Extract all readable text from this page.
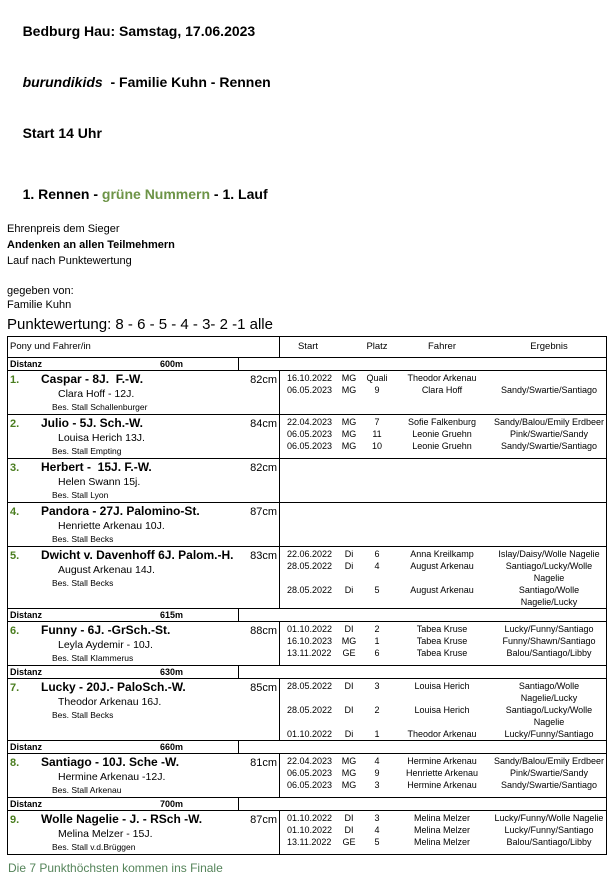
Bedburg Hau: Samstag, 17.06.2023

burundikids  - Familie Kuhn - Rennen

Start 14 Uhr

1. Rennen - grüne Nummern - 1. Lauf

Ehrenpreis dem Sieger
Andenken an allen Teilmehmern
Lauf nach Punktewertung
gegeben von:
Familie Kuhn
Punktewertung: 8 - 6 - 5 - 4 - 3- 2 -1 alle
Pony und Fahrer/in	Start	Platz	Fahrer	Ergebnis
Distanz	600m
1.	Caspar - 8J.  F.-W.	82cm
Clara Hoff - 12J.
Bes. Stall Schallenburger
16.10.2022	MG	Quali	Theodor Arkenau
06.05.2023	MG	9	Clara Hoff	Sandy/Swartie/Santiago
2.	Julio - 5J. Sch.-W.	84cm
Louisa Herich 13J.
Bes. Stall Empting
22.04.2023	MG	7	Sofie Falkenburg	Sandy/Balou/Emily Erdbeer
06.05.2023	MG	11	Leonie Gruehn	Pink/Swartie/Sandy
06.05.2023	MG	10	Leonie Gruehn	Sandy/Swartie/Santiago
3.	Herbert -  15J. F.-W.	82cm
Helen Swann 15j.
Bes. Stall Lyon
4.	Pandora - 27J. Palomino-St.	87cm
Henriette Arkenau 10J.
Bes. Stall Becks
5.	Dwicht v. Davenhoff 6J. Palom.-H.	83cm
August Arkenau 14J.
Bes. Stall Becks
22.06.2022	Di	6	Anna Kreilkamp	Islay/Daisy/Wolle Nagelie
28.05.2022	Di	4	August Arkenau	Santiago/Lucky/Wolle Nagelie
28.05.2022	Di	5	August Arkenau	Santiago/Wolle Nagelie/Lucky
Distanz	615m
6.	Funny - 6J. -GrSch.-St.	88cm
Leyla Aydemir - 10J.
Bes. Stall Klammerus
01.10.2022	DI	2	Tabea Kruse	Lucky/Funny/Santiago
16.10.2023	MG	1	Tabea Kruse	Funny/Shawn/Santiago
13.11.2022	GE	6	Tabea Kruse	Balou/Santiago/Libby
Distanz	630m
7.	Lucky - 20J.- PaloSch.-W.	85cm
Theodor Arkenau 16J.
Bes. Stall Becks
28.05.2022	DI	3	Louisa Herich	Santiago/Wolle Nagelie/Lucky
28.05.2022	DI	2	Louisa Herich	Santiago/Lucky/Wolle Nagelie
01.10.2022	Di	1	Theodor Arkenau	Lucky/Funny/Santiago
Distanz	660m
8.	Santiago - 10J. Sche -W.	81cm
Hermine Arkenau -12J.
Bes. Stall Arkenau
22.04.2023	MG	4	Hermine Arkenau	Sandy/Balou/Emily Erdbeer
06.05.2023	MG	9	Henriette Arkenau	Pink/Swartie/Sandy
06.05.2023	MG	3	Hermine Arkenau	Sandy/Swartie/Santiago
Distanz	700m
9.	Wolle Nagelie - J. - RSch -W.	87cm
Melina Melzer - 15J.
Bes. Stall v.d.Brüggen
01.10.2022	DI	3	Melina Melzer	Lucky/Funny/Wolle Nagelie
01.10.2022	DI	4	Melina Melzer	Lucky/Funny/Santiago
13.11.2022	GE	5	Melina Melzer	Balou/Santiago/Libby
Die 7 Punkthöchsten kommen ins Finale
